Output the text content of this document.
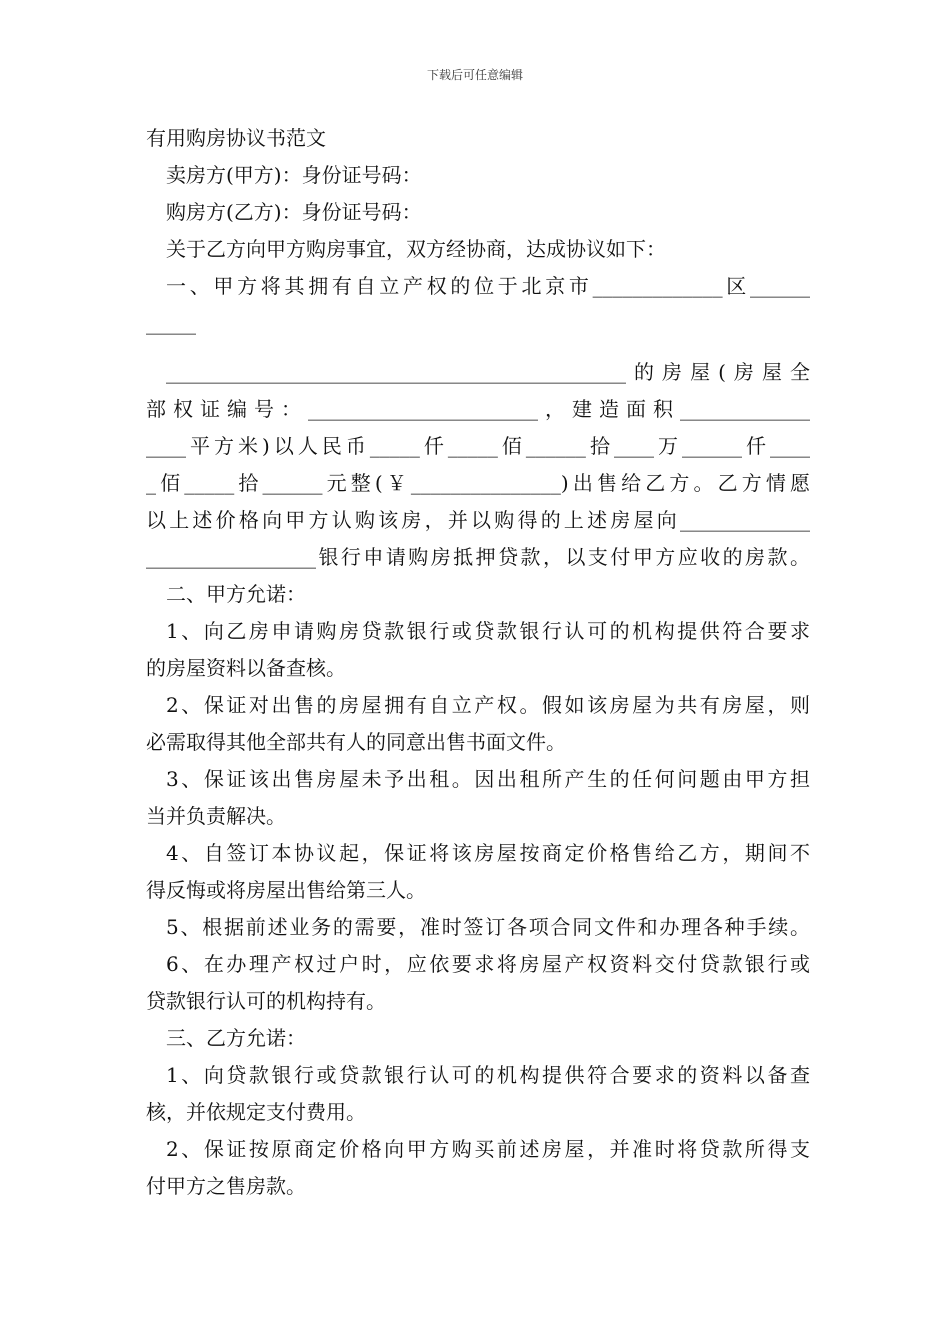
下载后可任意编辑
有用购房协议书范文
卖房方(甲方)：身份证号码：
购房方(乙方)：身份证号码：
关于乙方向甲方购房事宜，双方经协商，达成协议如下：
一、甲方将其拥有自立产权的位于北京市_____________区______
_____
______________________________________________的房屋(房屋全
部权证编号：_______________________，建造面积_____________
____平方米)以人民币_____仟_____佰______拾____万______仟____
_佰_____拾______元整(￥_______________)出售给乙方。乙方情愿
以上述价格向甲方认购该房，并以购得的上述房屋向_____________
_________________银行申请购房抵押贷款，以支付甲方应收的房款。
二、甲方允诺：
1、向乙房申请购房贷款银行或贷款银行认可的机构提供符合要求
的房屋资料以备查核。
2、保证对出售的房屋拥有自立产权。假如该房屋为共有房屋，则
必需取得其他全部共有人的同意出售书面文件。
3、保证该出售房屋未予出租。因出租所产生的任何问题由甲方担
当并负责解决。
4、自签订本协议起，保证将该房屋按商定价格售给乙方，期间不
得反悔或将房屋出售给第三人。
5、根据前述业务的需要，准时签订各项合同文件和办理各种手续。
6、在办理产权过户时，应依要求将房屋产权资料交付贷款银行或
贷款银行认可的机构持有。
三、乙方允诺：
1、向贷款银行或贷款银行认可的机构提供符合要求的资料以备查
核，并依规定支付费用。
2、保证按原商定价格向甲方购买前述房屋，并准时将贷款所得支
付甲方之售房款。
